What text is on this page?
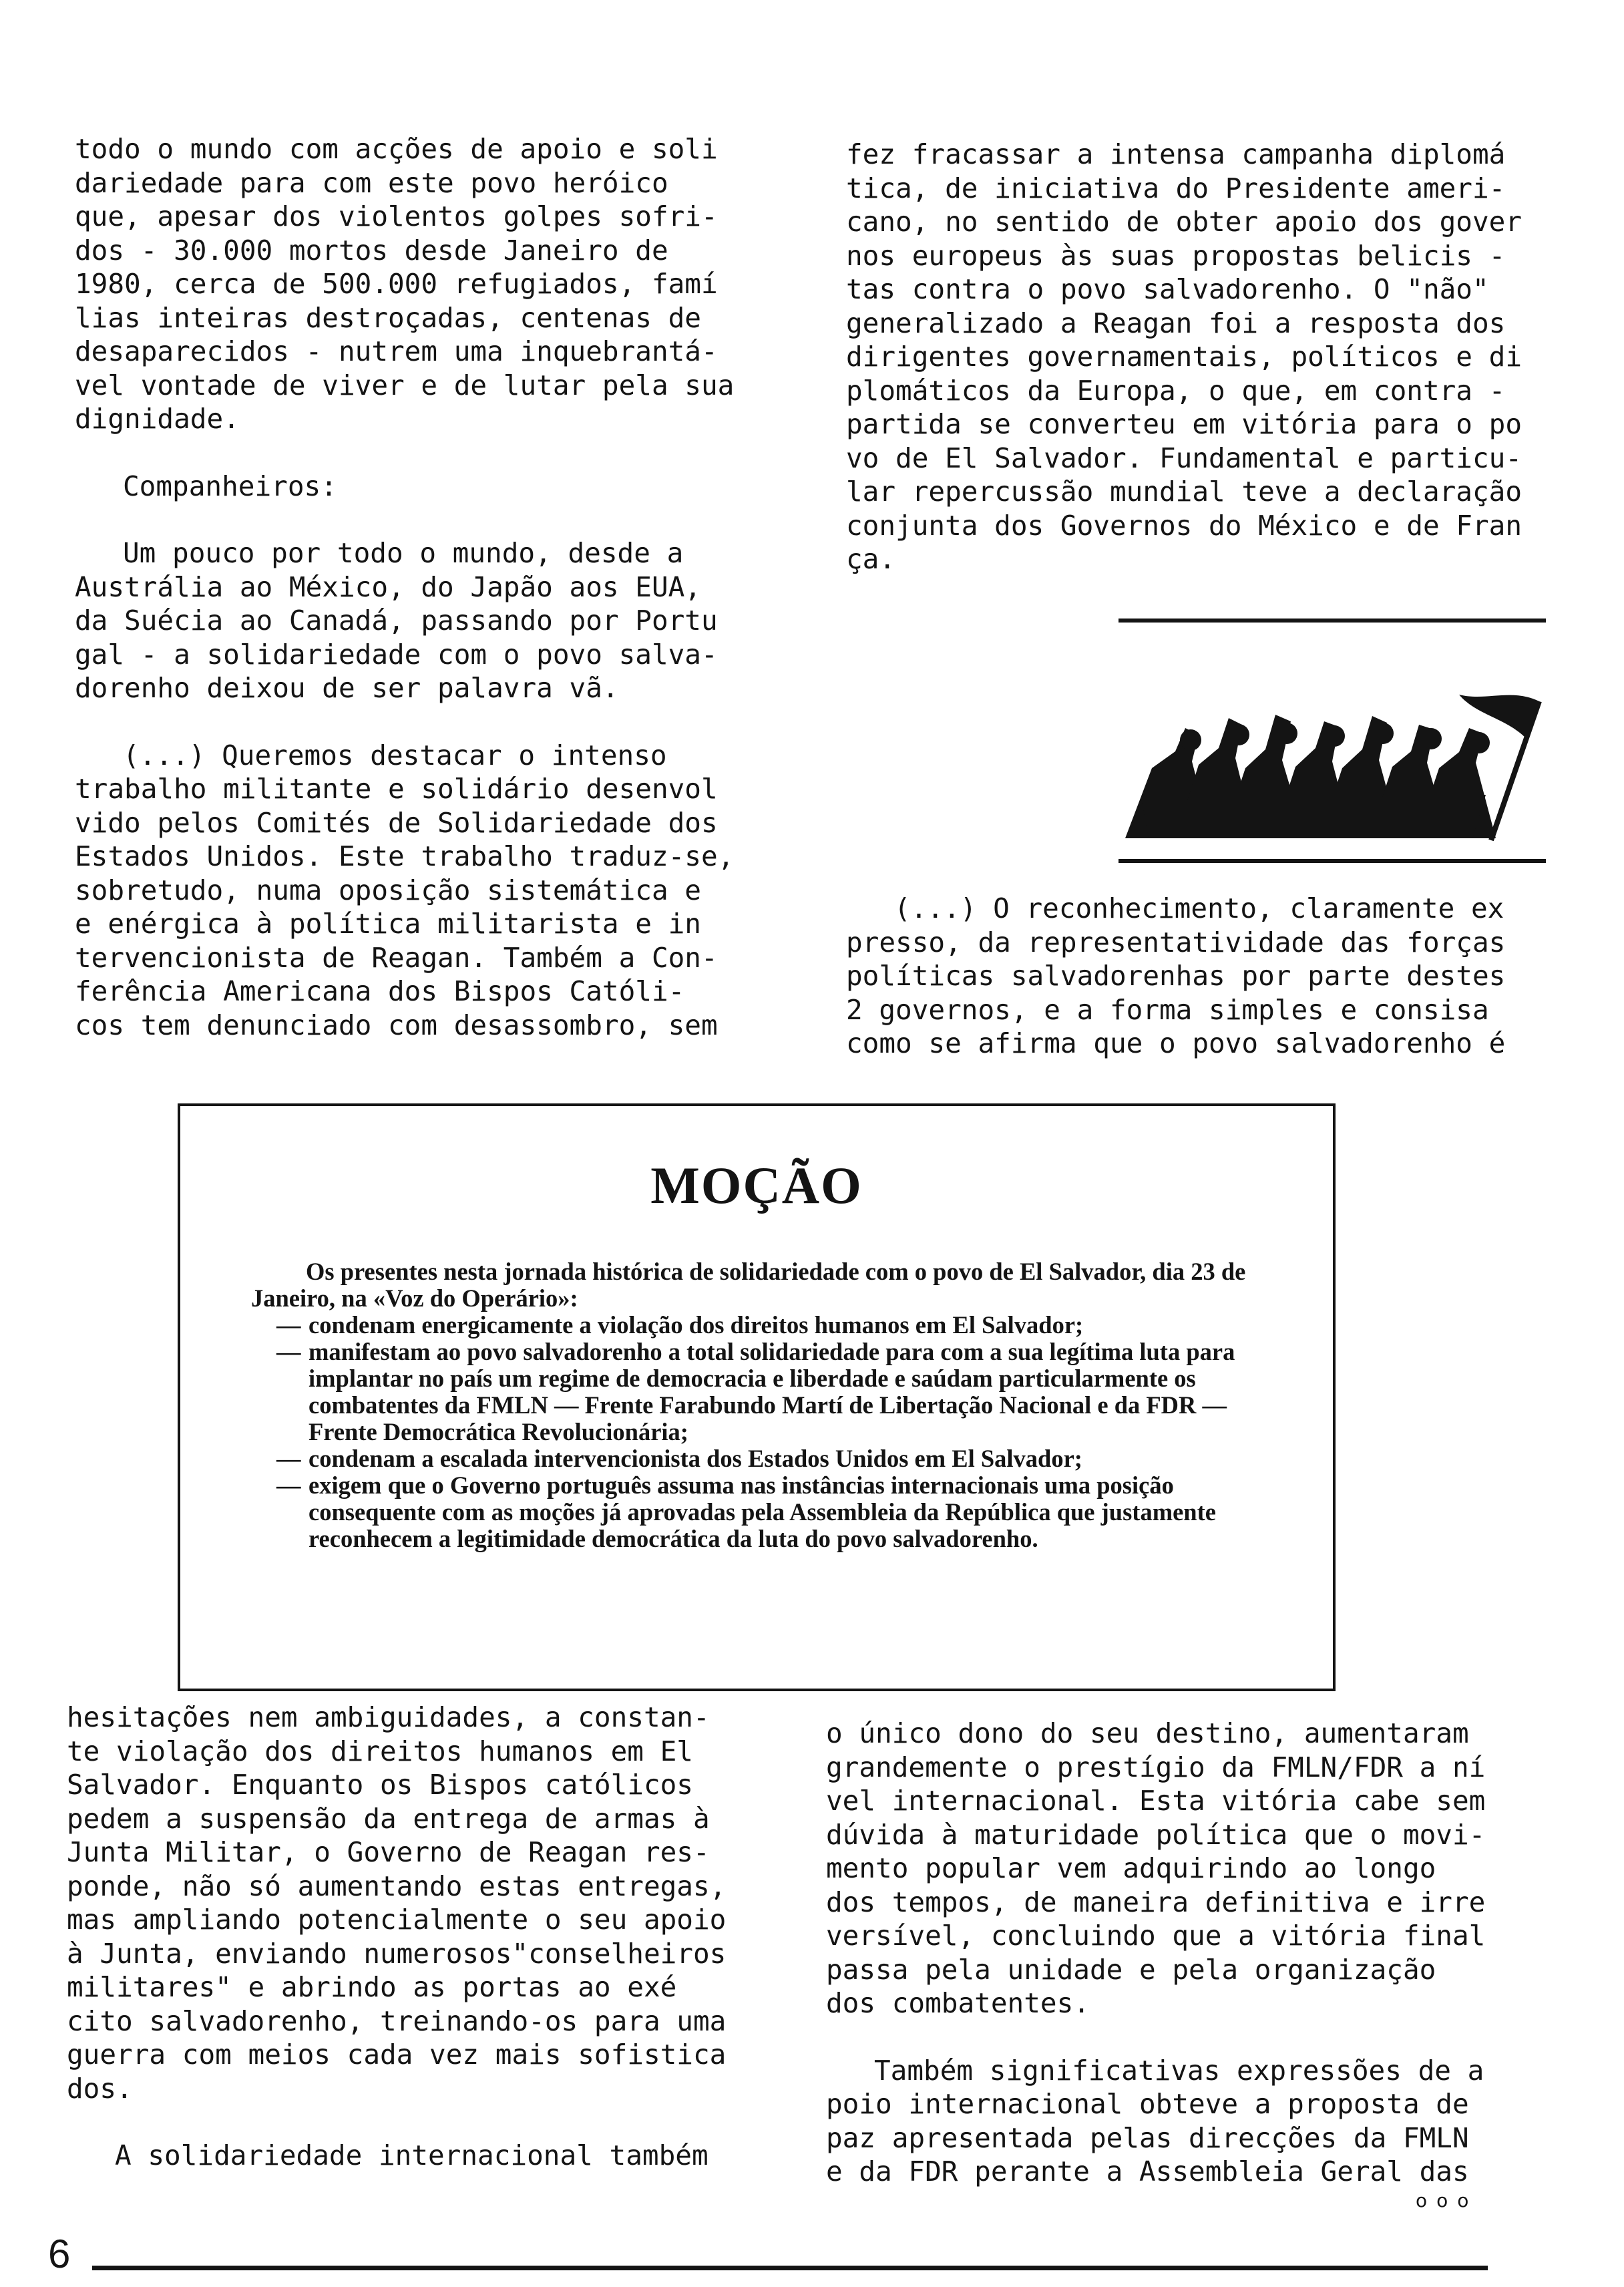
todo o mundo com acções de apoio e soli
dariedade para com este povo heróico
que, apesar dos violentos golpes sofri-
dos - 30.000 mortos desde Janeiro de
1980, cerca de 500.000 refugiados, famí
lias inteiras destroçadas, centenas de
desaparecidos - nutrem uma inquebrantá-
vel vontade de viver e de lutar pela sua
dignidade.
Companheiros:
Um pouco por todo o mundo, desde a
Austrália ao México, do Japão aos EUA,
da Suécia ao Canadá, passando por Portu
gal - a solidariedade com o povo salva-
dorenho deixou de ser palavra vã.
(...) Queremos destacar o intenso
trabalho militante e solidário desenvol
vido pelos Comités de Solidariedade dos
Estados Unidos. Este trabalho traduz-se,
sobretudo, numa oposição sistemática e
e enérgica à política militarista e in
tervencionista de Reagan. Também a Con-
ferência Americana dos Bispos Católi-
cos tem denunciado com desassombro, sem
fez fracassar a intensa campanha diplomá
tica, de iniciativa do Presidente ameri-
cano, no sentido de obter apoio dos gover
nos europeus às suas propostas belicis -
tas contra o povo salvadorenho. O "não"
generalizado a Reagan foi a resposta dos
dirigentes governamentais, políticos e di
plomáticos da Europa, o que, em contra -
partida se converteu em vitória para o po
vo de El Salvador. Fundamental e particu-
lar repercussão mundial teve a declaração
conjunta dos Governos do México e de Fran
ça.
(...) O reconhecimento, claramente ex
presso, da representatividade das forças
políticas salvadorenhas por parte destes
2 governos, e a forma simples e consisa
como se afirma que o povo salvadorenho é
MOÇÃO
Os presentes nesta jornada histórica de solidariedade com o povo de El Salvador, dia 23 de Janeiro, na «Voz do Operário»:
— condenam energicamente a violação dos direitos humanos em El Salvador;
— manifestam ao povo salvadorenho a total solidariedade para com a sua legítima luta para implantar no país um regime de democracia e liberdade e saúdam particularmente os combatentes da FMLN — Frente Farabundo Martí de Libertação Nacional e da FDR — Frente Democrática Revolucionária;
— condenam a escalada intervencionista dos Estados Unidos em El Salvador;
— exigem que o Governo português assuma nas instâncias internacionais uma posição consequente com as moções já aprovadas pela Assembleia da República que justamente reconhecem a legitimidade democrática da luta do povo salvadorenho.
hesitações nem ambiguidades, a constan-
te violação dos direitos humanos em El
Salvador. Enquanto os Bispos católicos
pedem a suspensão da entrega de armas à
Junta Militar, o Governo de Reagan res-
ponde, não só aumentando estas entregas,
mas ampliando potencialmente o seu apoio
à Junta, enviando numerosos"conselheiros
militares" e abrindo as portas ao exé
cito salvadorenho, treinando-os para uma
guerra com meios cada vez mais sofistica
dos.
A solidariedade internacional também
o único dono do seu destino, aumentaram
grandemente o prestígio da FMLN/FDR a ní
vel internacional. Esta vitória cabe sem
dúvida à maturidade política que o movi-
mento popular vem adquirindo ao longo
dos tempos, de maneira definitiva e irre
versível, concluindo que a vitória final
passa pela unidade e pela organização
dos combatentes.
Também significativas expressões de a
poio internacional obteve a proposta de
paz apresentada pelas direcções da FMLN
e da FDR perante a Assembleia Geral das
ooo
6
